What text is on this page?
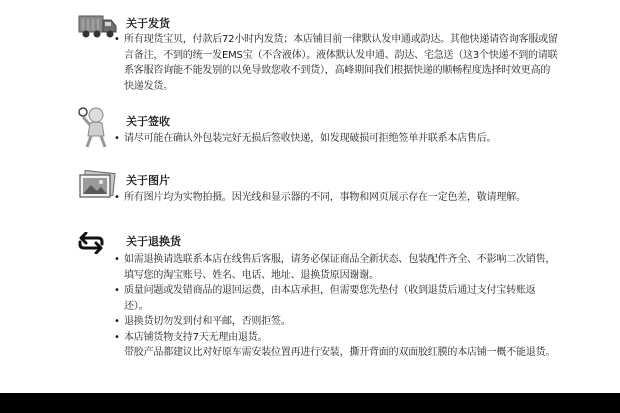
关于发货
• 所有现货宝贝，付款后72小时内发货；本店铺目前一律默认发申通或韵达。其他快递请咨询客服或留言备注，不到的统一发EMS宝（不含液体）。液体默认发申通、韵达、宅急送（这3个快递不到的请联系客服咨询能不能发别的以免导致您收不到货），高峰期间我们根据快递的顺畅程度选择时效更高的快递发货。
关于签收
• 请尽可能在确认外包装完好无损后签收快递，如发现破损可拒绝签单并联系本店售后。
关于图片
• 所有图片均为实物拍摄。因光线和显示器的不同，事物和网页展示存在一定色差，敬请理解。
关于退换货
• 如需退换请选联系本店在线售后客服，请务必保证商品全新状态、包装配件齐全、不影响二次销售，填写您的淘宝账号、姓名、电话、地址、退换货原因谢谢。
• 质量问题或发错商品的退回运费，由本店承担，但需要您先垫付（收到退货后通过支付宝转账返还）。
• 退换货切勿发到付和平邮，否则拒签。
• 本店铺货物支持7天无理由退货。
带胶产品都建议比对好原车需安装位置再进行安装，撕开背面的双面胶红膜的本店铺一概不能退货。
